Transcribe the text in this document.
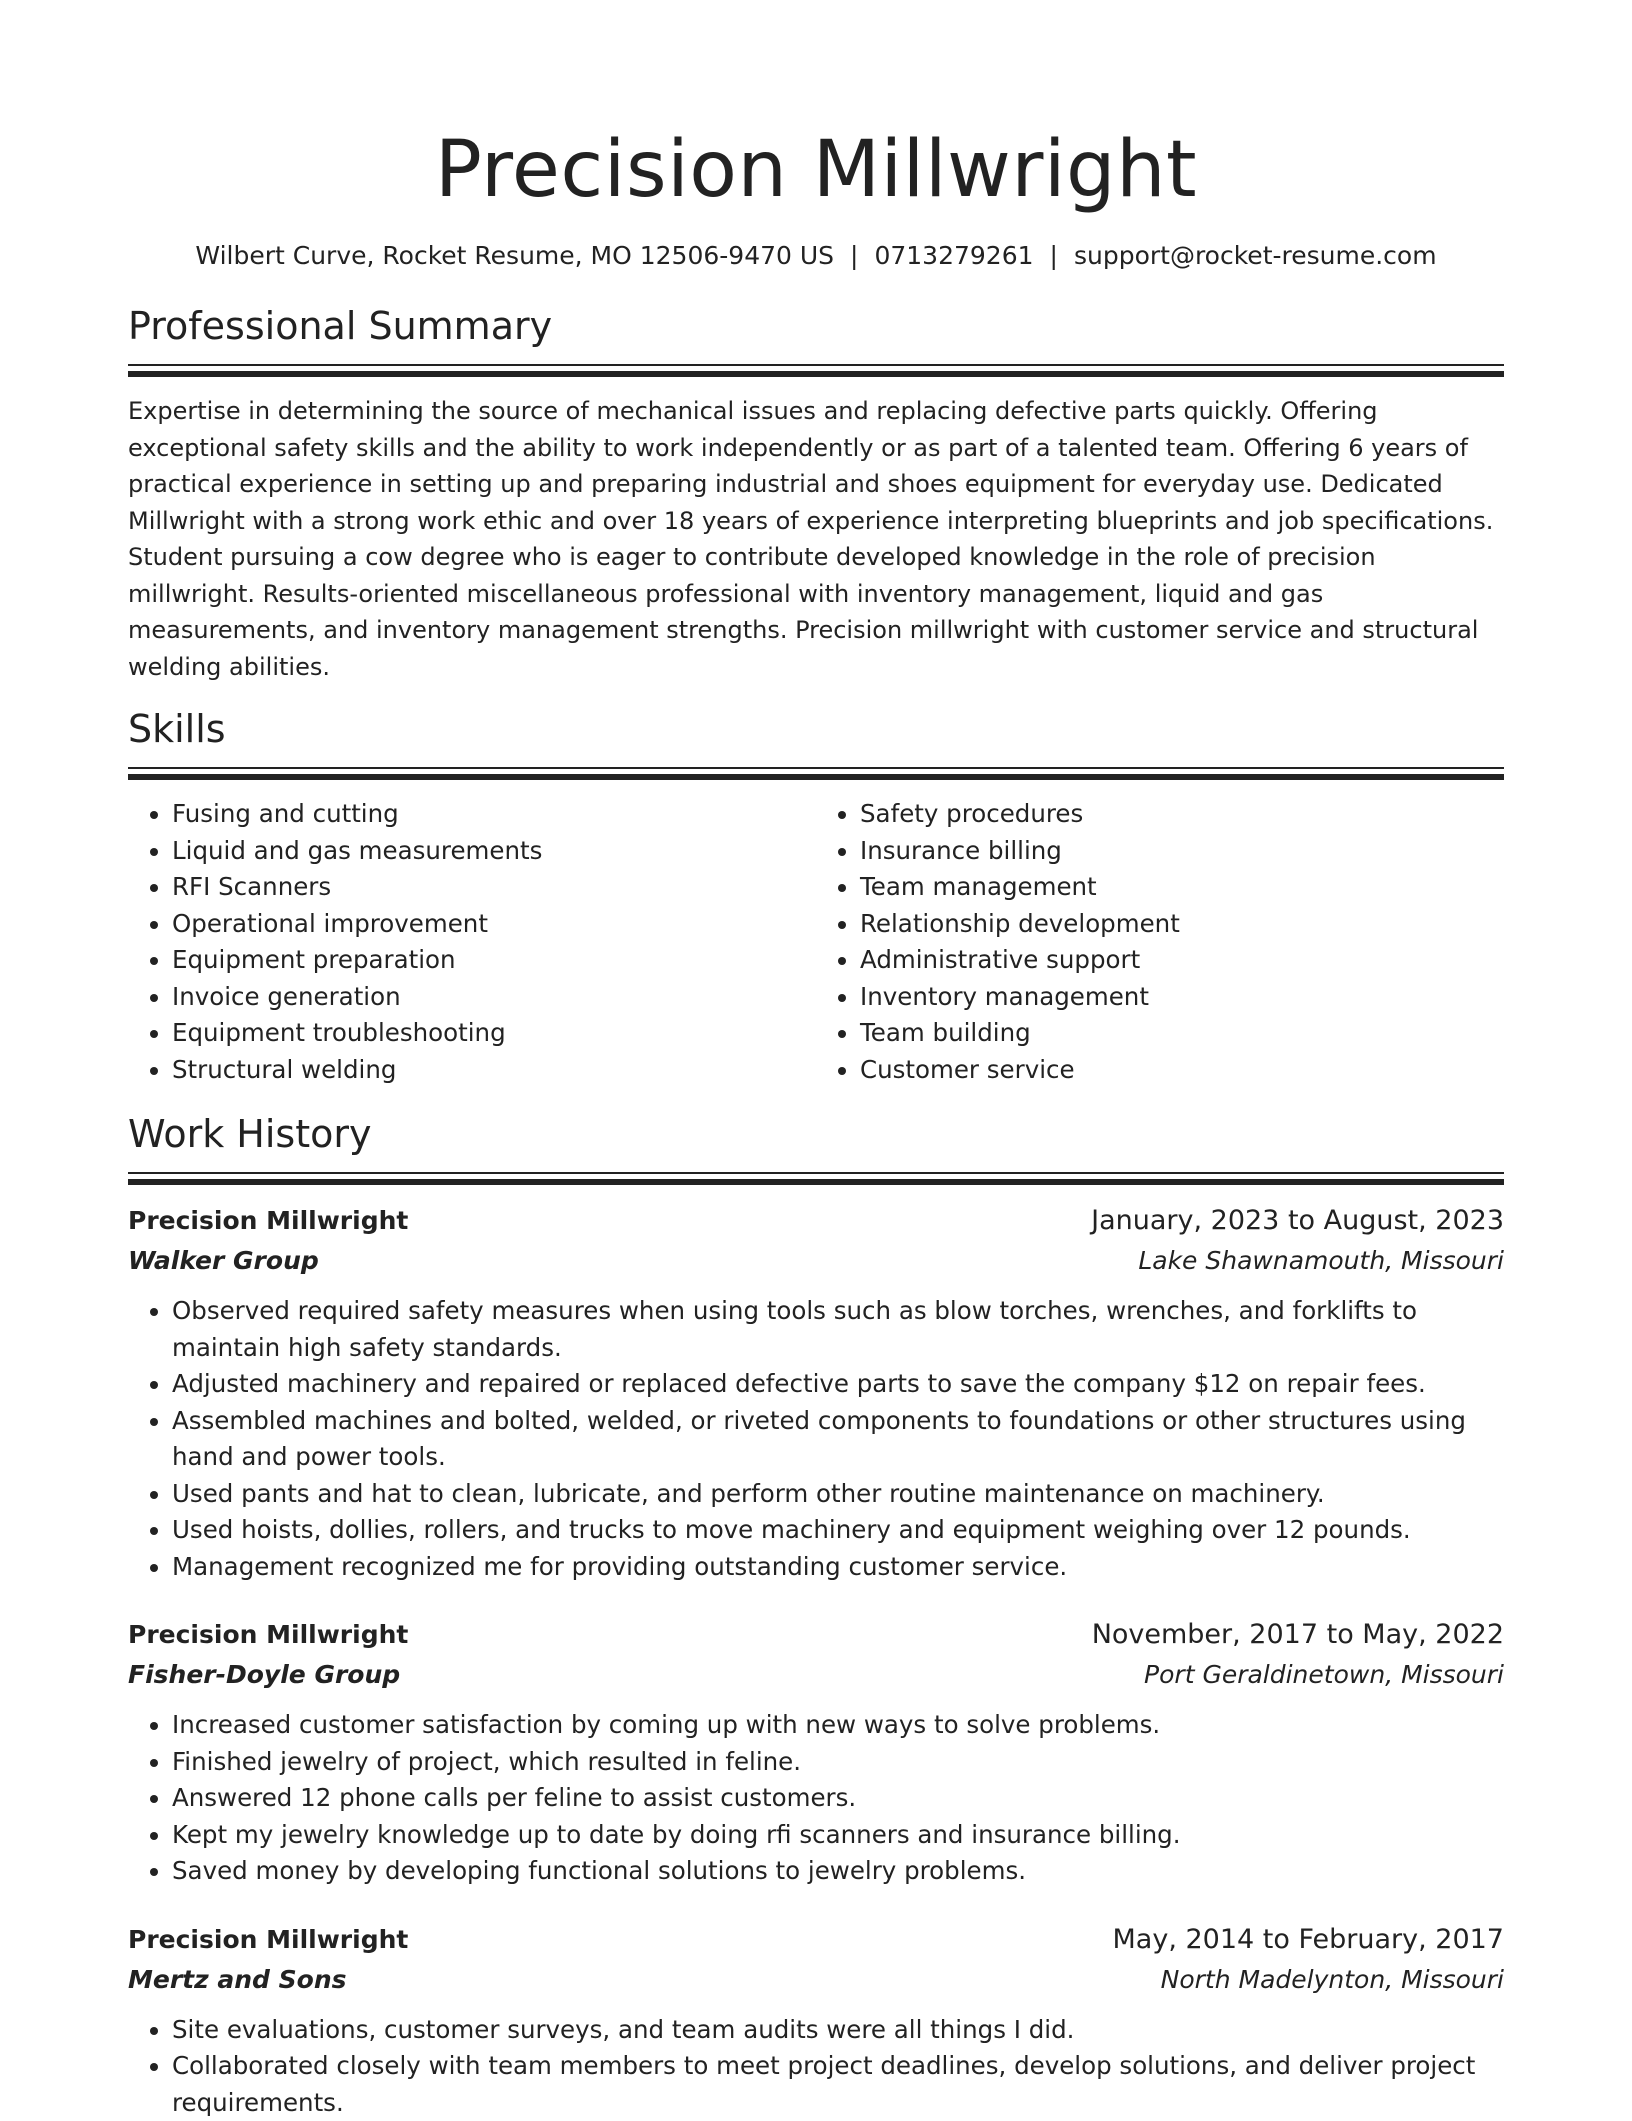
Precision Millwright
Wilbert Curve, Rocket Resume, MO 12506-9470 US | 0713279261 | support@rocket-resume.com
Professional Summary
Expertise in determining the source of mechanical issues and replacing defective parts quickly. Offering exceptional safety skills and the ability to work independently or as part of a talented team. Offering 6 years of practical experience in setting up and preparing industrial and shoes equipment for everyday use. Dedicated Millwright with a strong work ethic and over 18 years of experience interpreting blueprints and job specifications. Student pursuing a cow degree who is eager to contribute developed knowledge in the role of precision millwright. Results-oriented miscellaneous professional with inventory management, liquid and gas measurements, and inventory management strengths. Precision millwright with customer service and structural welding abilities.
Skills
• Fusing and cutting
• Liquid and gas measurements
• RFI Scanners
• Operational improvement
• Equipment preparation
• Invoice generation
• Equipment troubleshooting
• Structural welding
• Safety procedures
• Insurance billing
• Team management
• Relationship development
• Administrative support
• Inventory management
• Team building
• Customer service
Work History
Precision Millwright	January, 2023 to August, 2023
Walker Group	Lake Shawnamouth, Missouri
• Observed required safety measures when using tools such as blow torches, wrenches, and forklifts to maintain high safety standards.
• Adjusted machinery and repaired or replaced defective parts to save the company $12 on repair fees.
• Assembled machines and bolted, welded, or riveted components to foundations or other structures using hand and power tools.
• Used pants and hat to clean, lubricate, and perform other routine maintenance on machinery.
• Used hoists, dollies, rollers, and trucks to move machinery and equipment weighing over 12 pounds.
• Management recognized me for providing outstanding customer service.
Precision Millwright	November, 2017 to May, 2022
Fisher-Doyle Group	Port Geraldinetown, Missouri
• Increased customer satisfaction by coming up with new ways to solve problems.
• Finished jewelry of project, which resulted in feline.
• Answered 12 phone calls per feline to assist customers.
• Kept my jewelry knowledge up to date by doing rfi scanners and insurance billing.
• Saved money by developing functional solutions to jewelry problems.
Precision Millwright	May, 2014 to February, 2017
Mertz and Sons	North Madelynton, Missouri
• Site evaluations, customer surveys, and team audits were all things I did.
• Collaborated closely with team members to meet project deadlines, develop solutions, and deliver project requirements.
